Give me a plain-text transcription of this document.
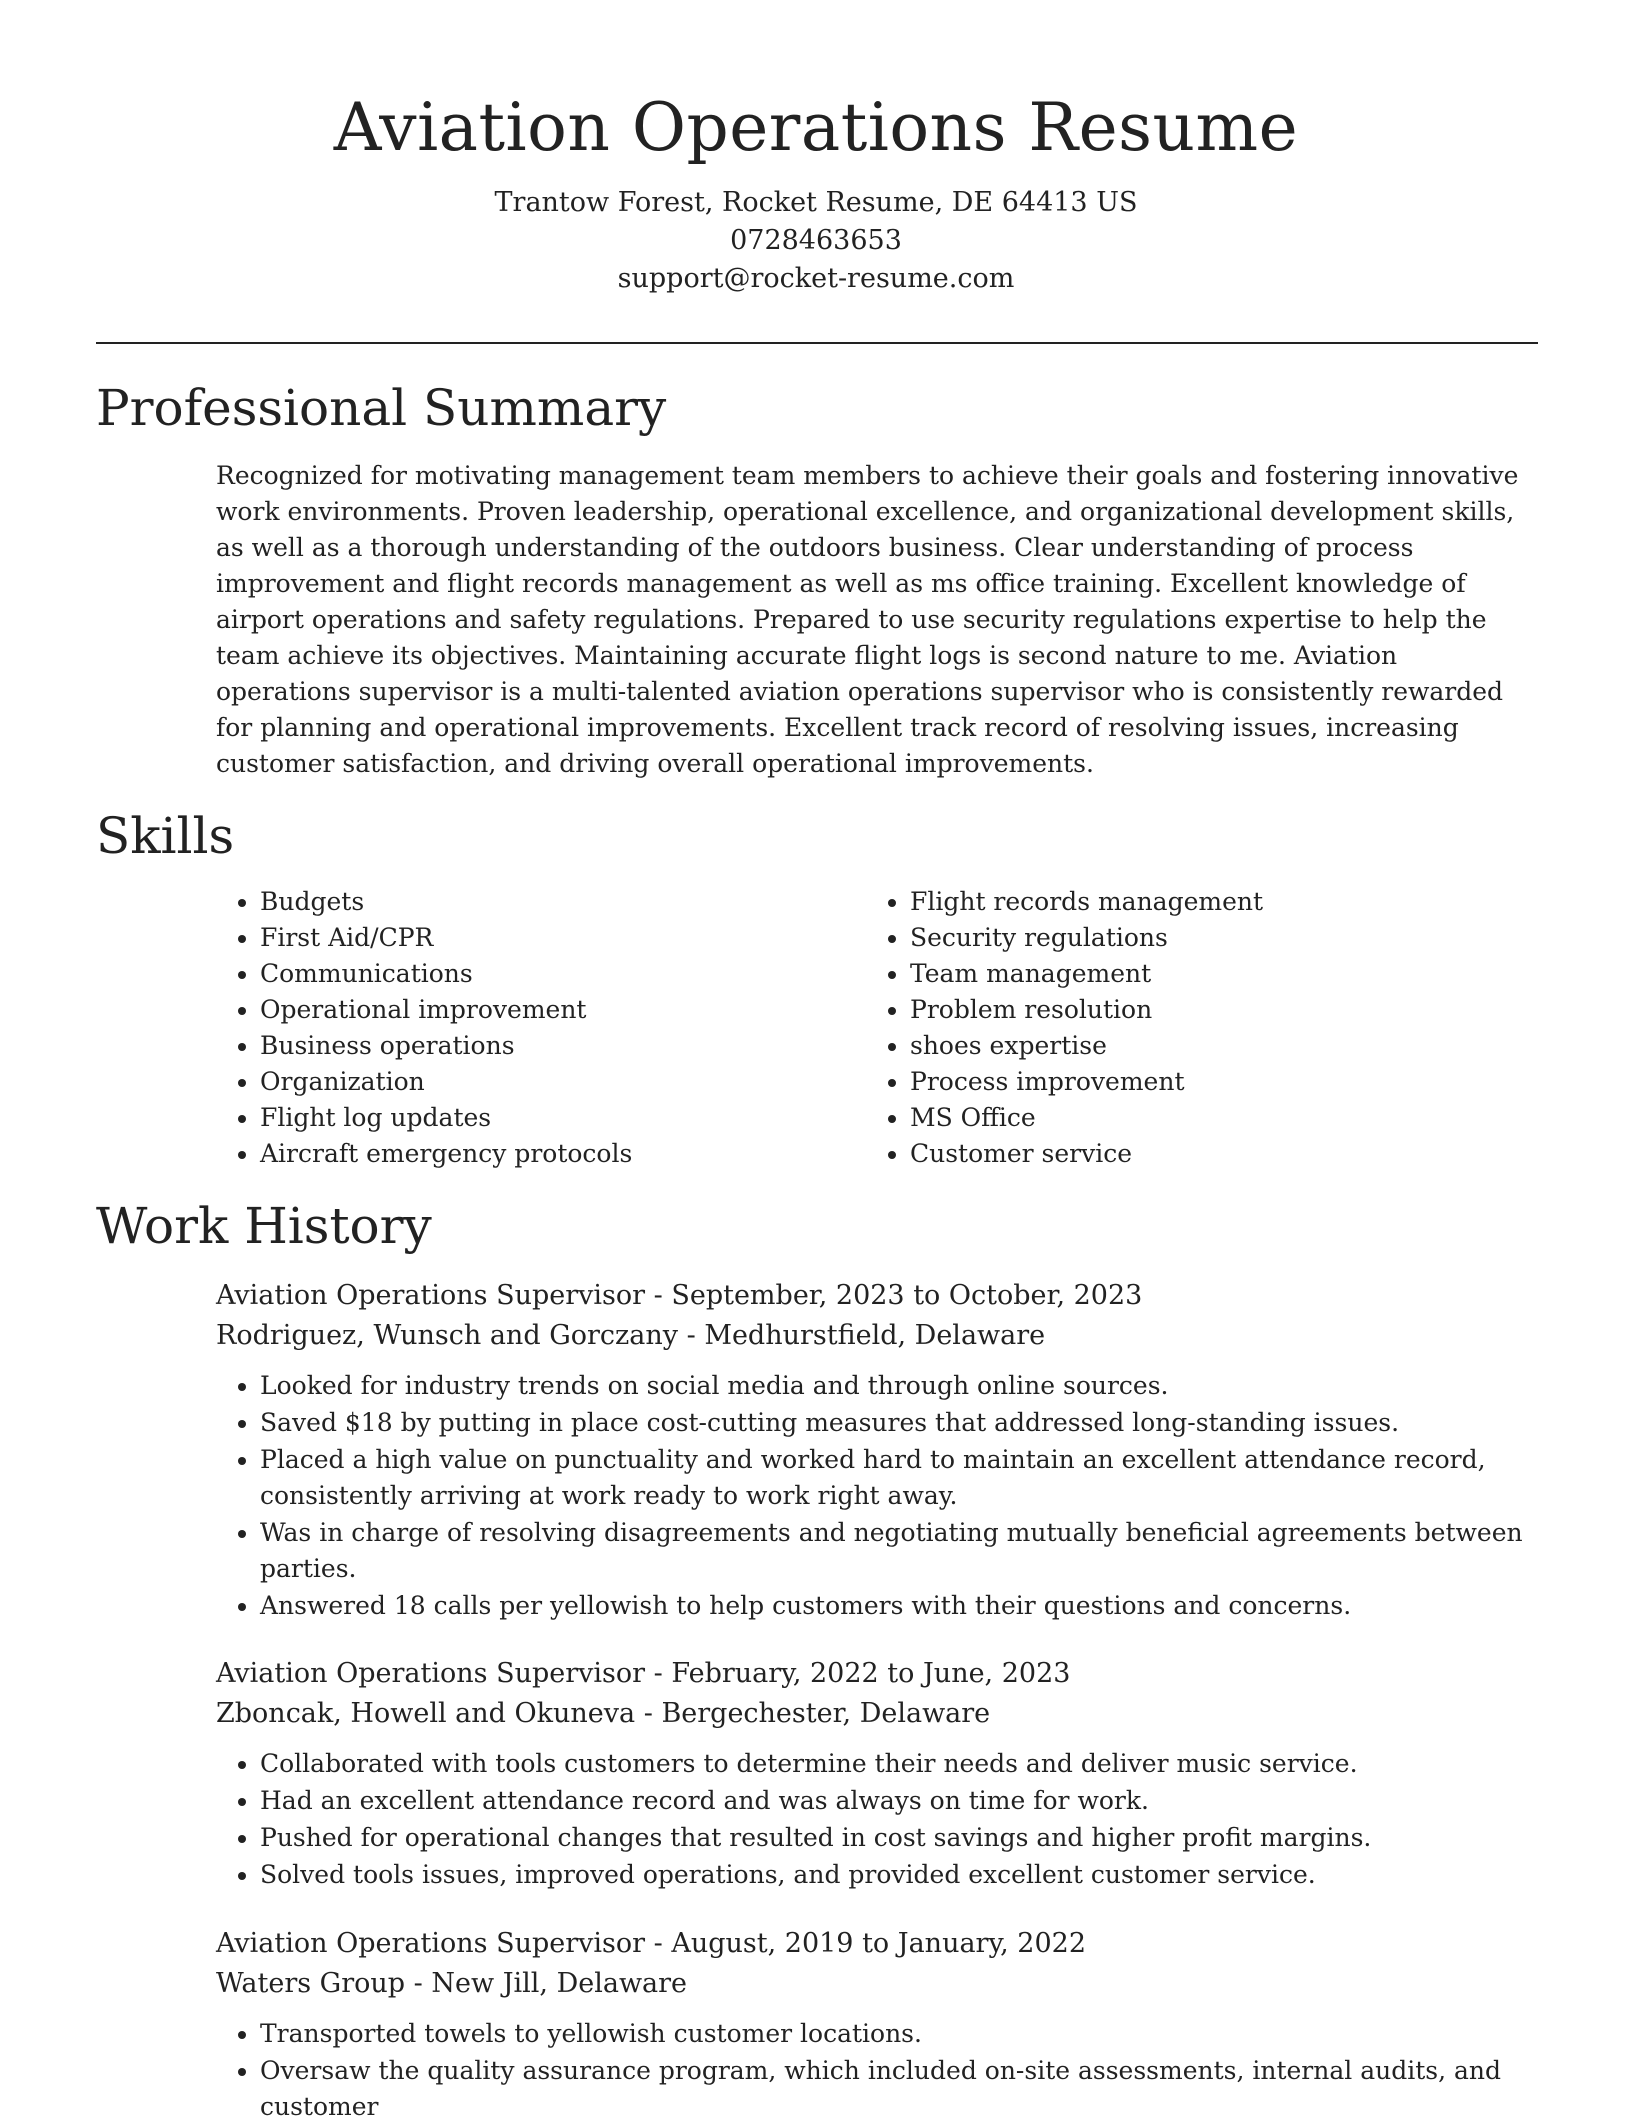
Aviation Operations Resume
Trantow Forest, Rocket Resume, DE 64413 US
0728463653
support@rocket-resume.com
Professional Summary

Recognized for motivating management team members to achieve their goals and fostering innovative work environments. Proven leadership, operational excellence, and organizational development skills, as well as a thorough understanding of the outdoors business. Clear understanding of process improvement and flight records management as well as ms office training. Excellent knowledge of airport operations and safety regulations. Prepared to use security regulations expertise to help the team achieve its objectives. Maintaining accurate flight logs is second nature to me. Aviation operations supervisor is a multi-talented aviation operations supervisor who is consistently rewarded for planning and operational improvements. Excellent track record of resolving issues, increasing customer satisfaction, and driving overall operational improvements.

Skills
• Budgets
• First Aid/CPR
• Communications
• Operational improvement
• Business operations
• Organization
• Flight log updates
• Aircraft emergency protocols
• Flight records management
• Security regulations
• Team management
• Problem resolution
• shoes expertise
• Process improvement
• MS Office
• Customer service
Work History

Aviation Operations Supervisor - September, 2023 to October, 2023

Rodriguez, Wunsch and Gorczany - Medhurstfield, Delaware

• Looked for industry trends on social media and through online sources.
• Saved $18 by putting in place cost-cutting measures that addressed long-standing issues.
• Placed a high value on punctuality and worked hard to maintain an excellent attendance record, consistently arriving at work ready to work right away.
• Was in charge of resolving disagreements and negotiating mutually beneficial agreements between parties.
• Answered 18 calls per yellowish to help customers with their questions and concerns.

Aviation Operations Supervisor - February, 2022 to June, 2023

Zboncak, Howell and Okuneva - Bergechester, Delaware

• Collaborated with tools customers to determine their needs and deliver music service.
• Had an excellent attendance record and was always on time for work.
• Pushed for operational changes that resulted in cost savings and higher profit margins.
• Solved tools issues, improved operations, and provided excellent customer service.

Aviation Operations Supervisor - August, 2019 to January, 2022

Waters Group - New Jill, Delaware

• Transported towels to yellowish customer locations.
• Oversaw the quality assurance program, which included on-site assessments, internal audits, and customer
